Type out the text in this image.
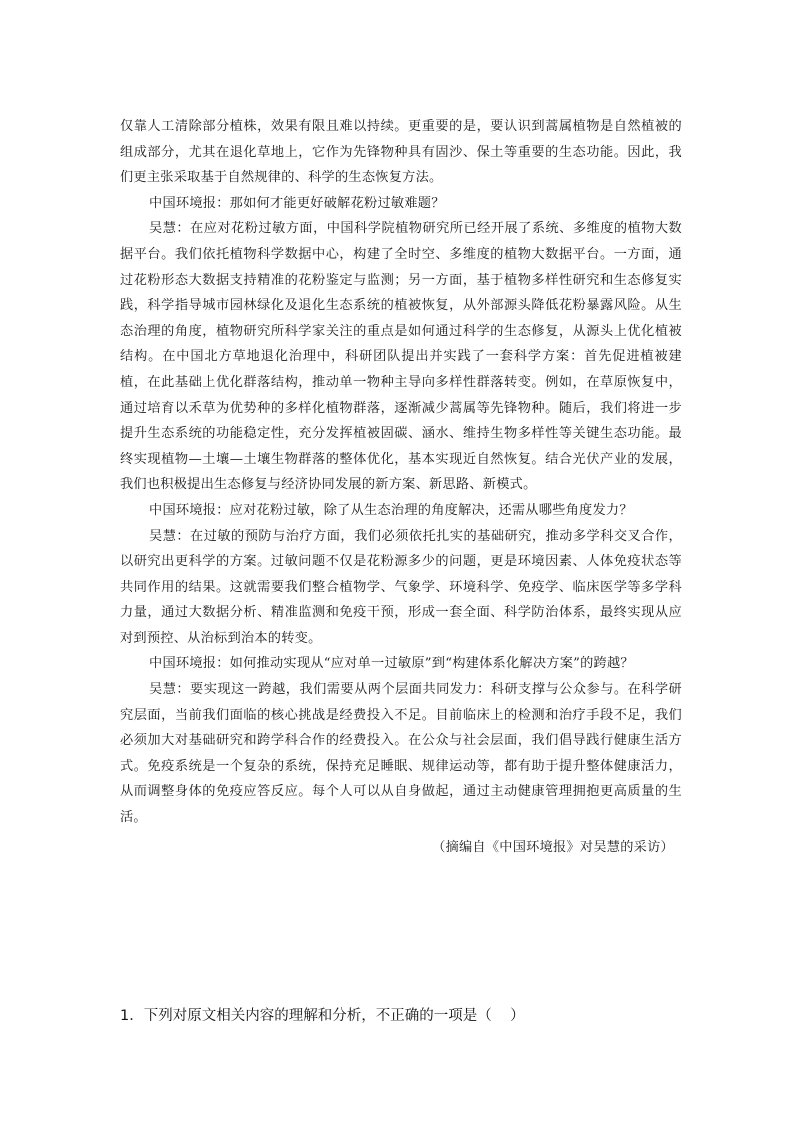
仅靠人工清除部分植株，效果有限且难以持续。更重要的是，要认识到蒿属植物是自然植被的组成部分，尤其在退化草地上，它作为先锋物种具有固沙、保土等重要的生态功能。因此，我们更主张采取基于自然规律的、科学的生态恢复方法。

中国环境报：那如何才能更好破解花粉过敏难题？

吴慧：在应对花粉过敏方面，中国科学院植物研究所已经开展了系统、多维度的植物大数据平台。我们依托植物科学数据中心，构建了全时空、多维度的植物大数据平台。一方面，通过花粉形态大数据支持精准的花粉鉴定与监测；另一方面，基于植物多样性研究和生态修复实践，科学指导城市园林绿化及退化生态系统的植被恢复，从外部源头降低花粉暴露风险。从生态治理的角度，植物研究所科学家关注的重点是如何通过科学的生态修复，从源头上优化植被结构。在中国北方草地退化治理中，科研团队提出并实践了一套科学方案：首先促进植被建植，在此基础上优化群落结构，推动单一物种主导向多样性群落转变。例如，在草原恢复中，通过培育以禾草为优势种的多样化植物群落，逐渐减少蒿属等先锋物种。随后，我们将进一步提升生态系统的功能稳定性，充分发挥植被固碳、涵水、维持生物多样性等关键生态功能。最终实现植物—土壤—土壤生物群落的整体优化，基本实现近自然恢复。结合光伏产业的发展，我们也积极提出生态修复与经济协同发展的新方案、新思路、新模式。

中国环境报：应对花粉过敏，除了从生态治理的角度解决，还需从哪些角度发力？

吴慧：在过敏的预防与治疗方面，我们必须依托扎实的基础研究，推动多学科交叉合作，以研究出更科学的方案。过敏问题不仅是花粉源多少的问题，更是环境因素、人体免疫状态等共同作用的结果。这就需要我们整合植物学、气象学、环境科学、免疫学、临床医学等多学科力量，通过大数据分析、精准监测和免疫干预，形成一套全面、科学防治体系，最终实现从应对到预控、从治标到治本的转变。

中国环境报：如何推动实现从“应对单一过敏原”到“构建体系化解决方案”的跨越？

吴慧：要实现这一跨越，我们需要从两个层面共同发力：科研支撑与公众参与。在科学研究层面，当前我们面临的核心挑战是经费投入不足。目前临床上的检测和治疗手段不足，我们必须加大对基础研究和跨学科合作的经费投入。在公众与社会层面，我们倡导践行健康生活方式。免疫系统是一个复杂的系统，保持充足睡眠、规律运动等，都有助于提升整体健康活力，从而调整身体的免疫应答反应。每个人可以从自身做起，通过主动健康管理拥抱更高质量的生活。

（摘编自《中国环境报》对吴慧的采访）

1．下列对原文相关内容的理解和分析，不正确的一项是（    ）
